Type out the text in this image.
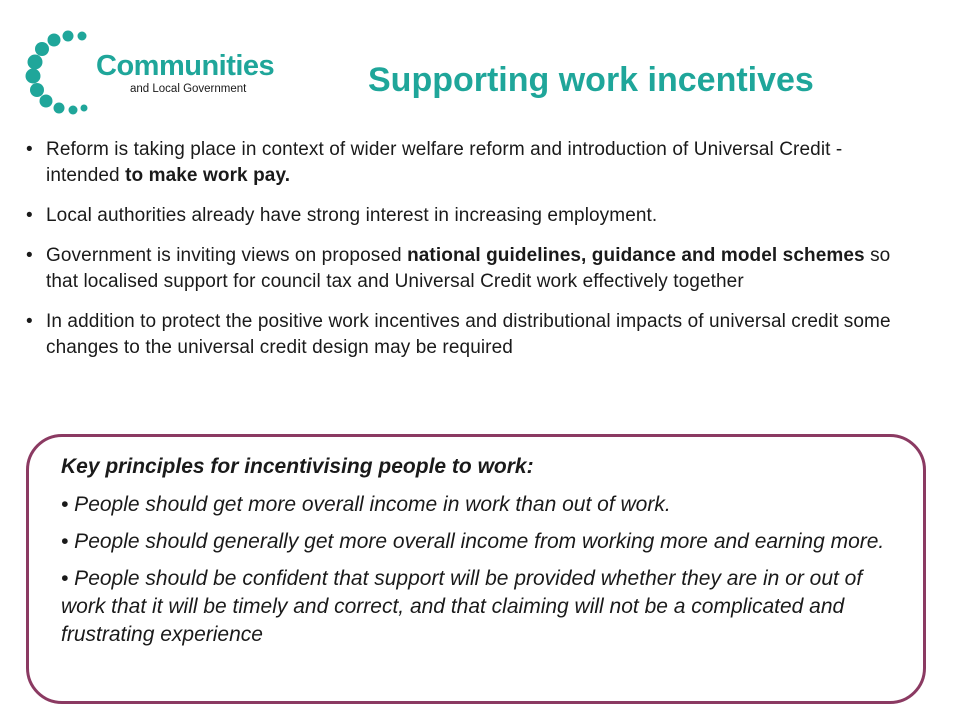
Communities
and Local Government	Supporting work incentives
• Reform is taking place in context of wider welfare reform and introduction of Universal Credit - intended to make work pay.
• Local authorities already have strong interest in increasing employment.
• Government is inviting views on proposed national guidelines, guidance and model schemes so that localised support for council tax and Universal Credit work effectively together
• In addition to protect the positive work incentives and distributional impacts of universal credit some changes to the universal credit design may be required

Key principles for incentivising people to work:

• People should get more overall income in work than out of work.

• People should generally get more overall income from working more and earning more.

• People should be confident that support will be provided whether they are in or out of work that it will be timely and correct, and that claiming will not be a complicated and frustrating experience
